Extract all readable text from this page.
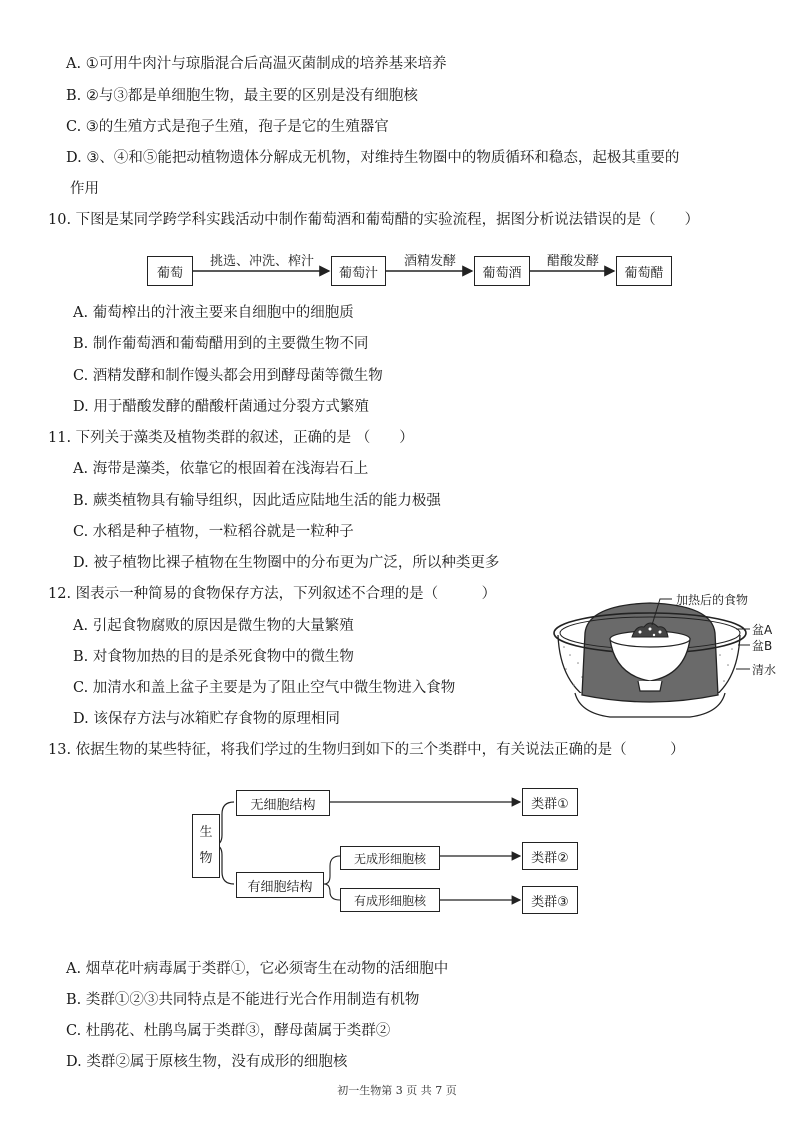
A. ①可用牛肉汁与琼脂混合后高温灭菌制成的培养基来培养
B. ②与③都是单细胞生物，最主要的区别是没有细胞核
C. ③的生殖方式是孢子生殖，孢子是它的生殖器官
D. ③、④和⑤能把动植物遗体分解成无机物，对维持生物圈中的物质循环和稳态，起极其重要的
作用
10. 下图是某同学跨学科实践活动中制作葡萄酒和葡萄醋的实验流程，据图分析说法错误的是（　　）
葡萄	葡萄汁	葡萄酒	葡萄醋
挑选、冲洗、榨汁	酒精发酵	醋酸发酵
A. 葡萄榨出的汁液主要来自细胞中的细胞质
B. 制作葡萄酒和葡萄醋用到的主要微生物不同
C. 酒精发酵和制作馒头都会用到酵母菌等微生物
D. 用于醋酸发酵的醋酸杆菌通过分裂方式繁殖
11. 下列关于藻类及植物类群的叙述，正确的是 （　　）
A. 海带是藻类，依靠它的根固着在浅海岩石上
B. 蕨类植物具有输导组织，因此适应陆地生活的能力极强
C. 水稻是种子植物，一粒稻谷就是一粒种子
D. 被子植物比裸子植物在生物圈中的分布更为广泛，所以种类更多
12. 图表示一种简易的食物保存方法，下列叙述不合理的是（　　　）
A. 引起食物腐败的原因是微生物的大量繁殖
B. 对食物加热的目的是杀死食物中的微生物
C. 加清水和盖上盆子主要是为了阻止空气中微生物进入食物
D. 该保存方法与冰箱贮存食物的原理相同
加热后的食物
盆A
盆B
清水
13. 依据生物的某些特征，将我们学过的生物归到如下的三个类群中，有关说法正确的是（　　　）
生
物
无细胞结构
有细胞结构
无成形细胞核
有成形细胞核
类群①
类群②
类群③
A. 烟草花叶病毒属于类群①，它必须寄生在动物的活细胞中
B. 类群①②③共同特点是不能进行光合作用制造有机物
C. 杜鹃花、杜鹃鸟属于类群③，酵母菌属于类群②
D. 类群②属于原核生物，没有成形的细胞核
初一生物第 3 页 共 7 页
